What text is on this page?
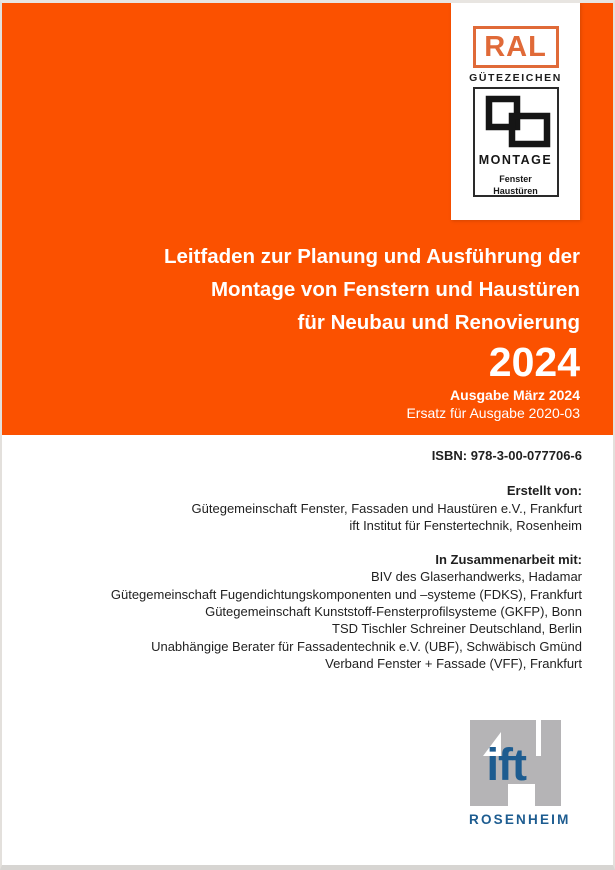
RAL
GÜTEZEICHEN
MONTAGE
Fenster
Haustüren
Leitfaden zur Planung und Ausführung der
Montage von Fenstern und Haustüren
für Neubau und Renovierung
2024
Ausgabe März 2024
Ersatz für Ausgabe 2020-03
ISBN: 978-3-00-077706-6
Erstellt von:
Gütegemeinschaft Fenster, Fassaden und Haustüren e.V., Frankfurt
ift Institut für Fenstertechnik, Rosenheim
In Zusammenarbeit mit:
BIV des Glaserhandwerks, Hadamar
Gütegemeinschaft Fugendichtungskomponenten und –systeme (FDKS), Frankfurt
Gütegemeinschaft Kunststoff-Fensterprofilsysteme (GKFP), Bonn
TSD Tischler Schreiner Deutschland, Berlin
Unabhängige Berater für Fassadentechnik e.V. (UBF), Schwäbisch Gmünd
Verband Fenster + Fassade (VFF), Frankfurt
ift
ROSENHEIM
